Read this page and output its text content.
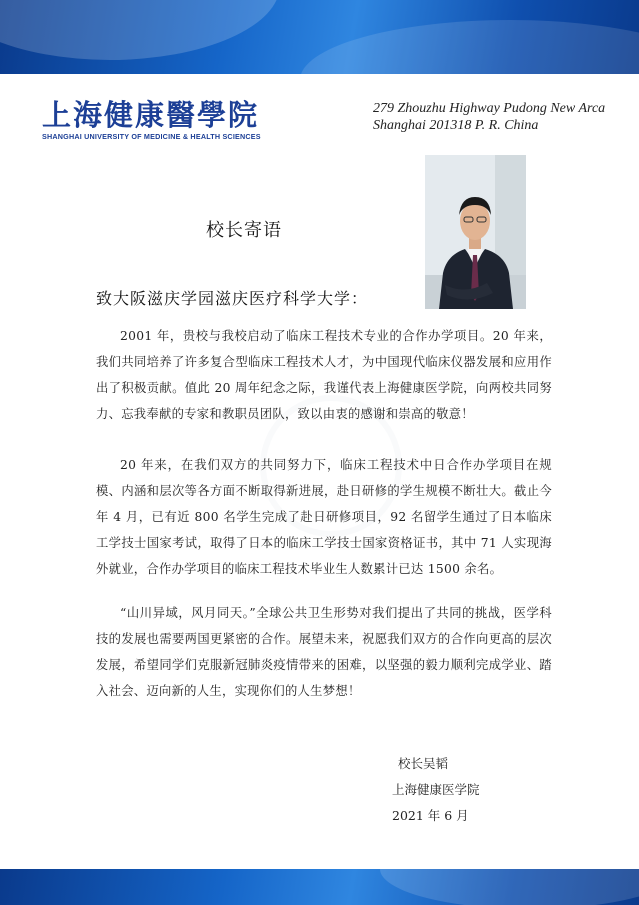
上海健康醫學院
SHANGHAI UNIVERSITY OF MEDICINE & HEALTH SCIENCES
279 Zhouzhu Highway Pudong New Arca
Shanghai 201318 P. R. China
校长寄语
致大阪滋庆学园滋庆医疗科学大学：
2001 年，贵校与我校启动了临床工程技术专业的合作办学项目。20 年来，我们共同培养了许多复合型临床工程技术人才，为中国现代临床仪器发展和应用作出了积极贡献。值此 20 周年纪念之际，我谨代表上海健康医学院，向两校共同努力、忘我奉献的专家和教职员团队，致以由衷的感谢和崇高的敬意！
20 年来，在我们双方的共同努力下，临床工程技术中日合作办学项目在规模、内涵和层次等各方面不断取得新进展，赴日研修的学生规模不断壮大。截止今年 4 月，已有近 800 名学生完成了赴日研修项目，92 名留学生通过了日本临床工学技士国家考试，取得了日本的临床工学技士国家资格证书，其中 71 人实现海外就业，合作办学项目的临床工程技术毕业生人数累计已达 1500 余名。
“山川异域，风月同天。”全球公共卫生形势对我们提出了共同的挑战，医学科技的发展也需要两国更紧密的合作。展望未来，祝愿我们双方的合作向更高的层次发展，希望同学们克服新冠肺炎疫情带来的困难，以坚强的毅力顺利完成学业、踏入社会、迈向新的人生，实现你们的人生梦想！
校长吴韬
上海健康医学院
2021 年 6 月
